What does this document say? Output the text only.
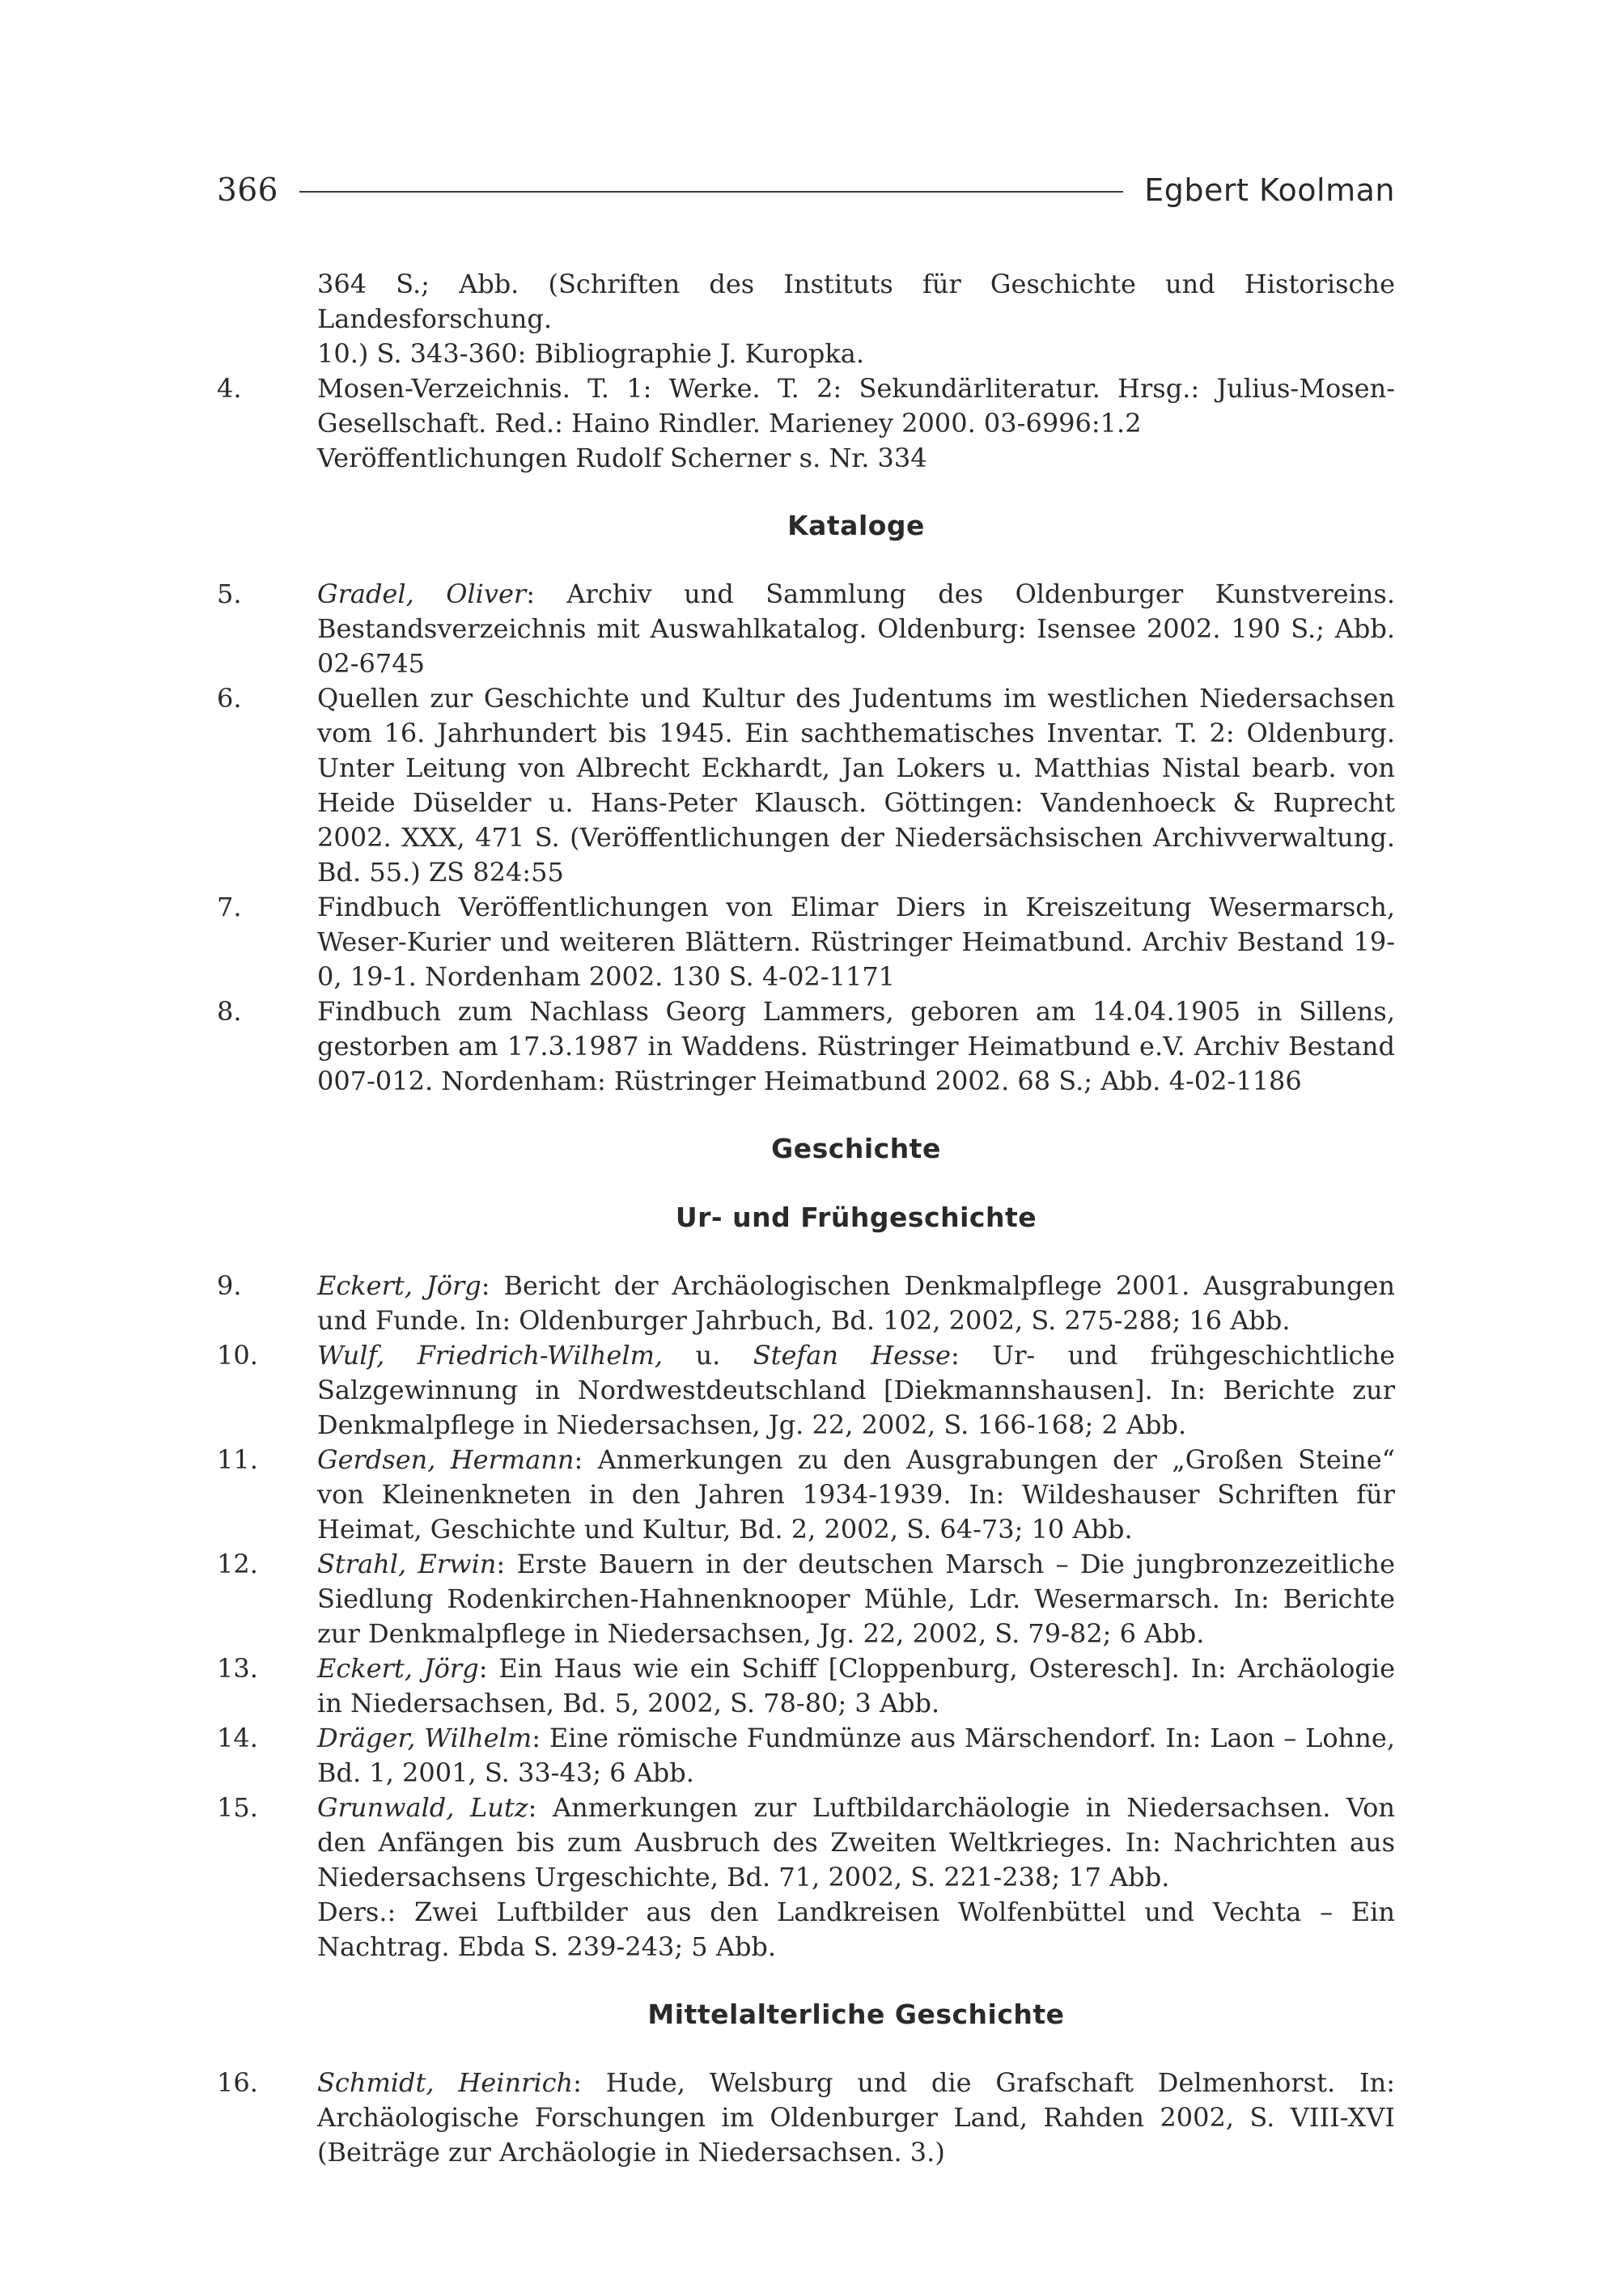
366	Egbert Koolman
364 S.; Abb. (Schriften des Instituts für Geschichte und Historische Landesforschung.
10.) S. 343-360: Bibliographie J. Kuropka.
4.	Mosen-Verzeichnis. T. 1: Werke. T. 2: Sekundärliteratur. Hrsg.: Julius-Mosen-Gesellschaft. Red.: Haino Rindler. Marieney 2000. 03-6996:1.2
Veröffentlichungen Rudolf Scherner s. Nr. 334
Kataloge
5.	Gradel, Oliver: Archiv und Sammlung des Oldenburger Kunstvereins. Bestandsverzeichnis mit Auswahlkatalog. Oldenburg: Isensee 2002. 190 S.; Abb. 02-6745
6.	Quellen zur Geschichte und Kultur des Judentums im westlichen Niedersachsen vom 16. Jahrhundert bis 1945. Ein sachthematisches Inventar. T. 2: Oldenburg. Unter Leitung von Albrecht Eckhardt, Jan Lokers u. Matthias Nistal bearb. von Heide Düselder u. Hans-Peter Klausch. Göttingen: Vandenhoeck & Ruprecht 2002. XXX, 471 S. (Veröffentlichungen der Niedersächsischen Archivverwaltung. Bd. 55.) ZS 824:55
7.	Findbuch Veröffentlichungen von Elimar Diers in Kreiszeitung Wesermarsch, Weser-Kurier und weiteren Blättern. Rüstringer Heimatbund. Archiv Bestand 19-0, 19-1. Nordenham 2002. 130 S. 4-02-1171
8.	Findbuch zum Nachlass Georg Lammers, geboren am 14.04.1905 in Sillens, gestorben am 17.3.1987 in Waddens. Rüstringer Heimatbund e.V. Archiv Bestand 007-012. Nordenham: Rüstringer Heimatbund 2002. 68 S.; Abb. 4-02-1186
Geschichte
Ur- und Frühgeschichte
9.	Eckert, Jörg: Bericht der Archäologischen Denkmalpflege 2001. Ausgrabungen und Funde. In: Oldenburger Jahrbuch, Bd. 102, 2002, S. 275-288; 16 Abb.
10. Wulf, Friedrich-Wilhelm, u. Stefan Hesse: Ur- und frühgeschichtliche Salzgewinnung in Nordwestdeutschland [Diekmannshausen]. In: Berichte zur Denkmalpflege in Niedersachsen, Jg. 22, 2002, S. 166-168; 2 Abb.
11. Gerdsen, Hermann: Anmerkungen zu den Ausgrabungen der „Großen Steine“ von Kleinenkneten in den Jahren 1934-1939. In: Wildeshauser Schriften für Heimat, Geschichte und Kultur, Bd. 2, 2002, S. 64-73; 10 Abb.
12. Strahl, Erwin: Erste Bauern in der deutschen Marsch – Die jungbronzezeitliche Siedlung Rodenkirchen-Hahnenknooper Mühle, Ldr. Wesermarsch. In: Berichte zur Denkmalpflege in Niedersachsen, Jg. 22, 2002, S. 79-82; 6 Abb.
13. Eckert, Jörg: Ein Haus wie ein Schiff [Cloppenburg, Osteresch]. In: Archäologie in Niedersachsen, Bd. 5, 2002, S. 78-80; 3 Abb.
14. Dräger, Wilhelm: Eine römische Fundmünze aus Märschendorf. In: Laon – Lohne, Bd. 1, 2001, S. 33-43; 6 Abb.
15. Grunwald, Lutz: Anmerkungen zur Luftbildarchäologie in Niedersachsen. Von den Anfängen bis zum Ausbruch des Zweiten Weltkrieges. In: Nachrichten aus Niedersachsens Urgeschichte, Bd. 71, 2002, S. 221-238; 17 Abb.
Ders.: Zwei Luftbilder aus den Landkreisen Wolfenbüttel und Vechta – Ein Nachtrag. Ebda S. 239-243; 5 Abb.
Mittelalterliche Geschichte
16. Schmidt, Heinrich: Hude, Welsburg und die Grafschaft Delmenhorst. In: Archäologische Forschungen im Oldenburger Land, Rahden 2002, S. VIII-XVI (Beiträge zur Archäologie in Niedersachsen. 3.)
